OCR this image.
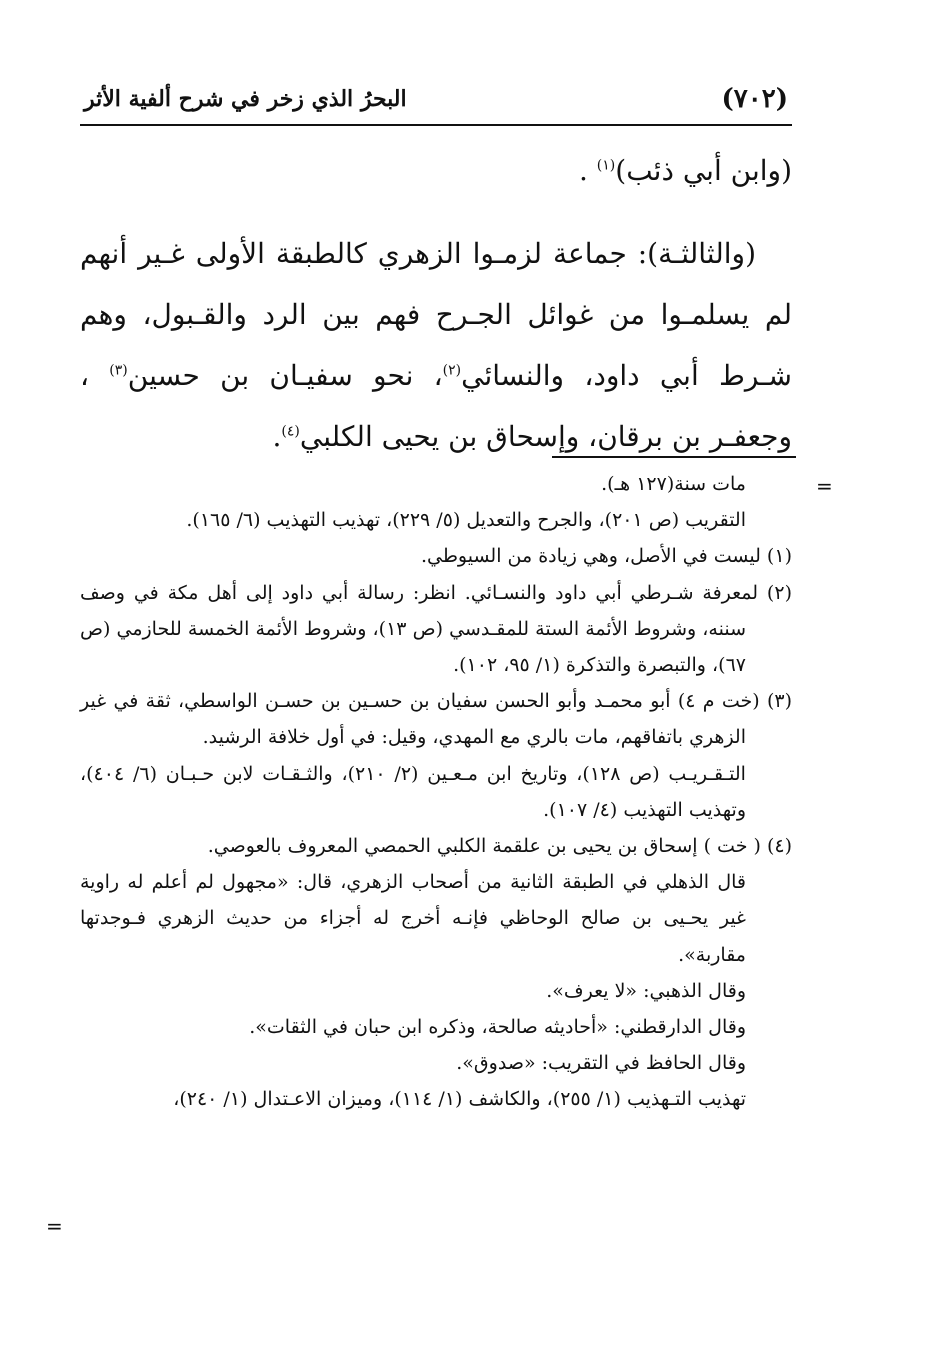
(٧٠٢)
البحرُ الذي زخر في شرح ألفية الأثر

(وابن أبي ذئب)$^{(١)}$ .

(والثالثـة): جماعة لزمـوا الزهري كالطبقة الأولى غـير أنهم لم يسلمـوا من غوائل الجـرح فهم بين الرد والقـبول، وهم شـرط أبي داود، والنسائي$^{(٢)}$، نحو سفيـان بن حسين$^{(٣)}$ ، وجعفـر بن برقان، وإسحاق بن يحيى الكلبي$^{(٤)}$.

=

مات سنة(١٢٧ هـ).

التقريب (ص ٢٠١)، والجرح والتعديل (٥/ ٢٢٩)، تهذيب التهذيب (٦/ ١٦٥).

(١) ليست في الأصل، وهي زيادة من السيوطي.

(٢) لمعرفة شـرطي أبي داود والنسـائي. انظر: رسالة أبي داود إلى أهل مكة في وصف سننه، وشروط الأئمة الستة للمقـدسي (ص ١٣)، وشروط الأئمة الخمسة للحازمي (ص ٦٧)، والتبصرة والتذكرة (١/ ٩٥، ١٠٢).

(٣) (خت م ٤) أبو محمـد وأبو الحسن سفيان بن حسـين بن حسـن الواسطي، ثقة في غير الزهري باتفاقهم، مات بالري مع المهدي، وقيل: في أول خلافة الرشيد.

التـقـريـب (ص ١٢٨)، وتاريخ ابن مـعـين (٢/ ٢١٠)، والثـقـات لابن حـبـان (٦/ ٤٠٤)، وتهذيب التهذيب (٤/ ١٠٧).

(٤) ( خت ) إسحاق بن يحيى بن علقمة الكلبي الحمصي المعروف بالعوصي.

قال الذهلي في الطبقة الثانية من أصحاب الزهري، قال: «مجهول لم أعلم له راوية غير يحـيى بن صالح الوحاظي فإنـه أخرج له أجزاء من حديث الزهري فـوجدتها مقاربة».

وقال الذهبي: «لا يعرف».

وقال الدارقطني: «أحاديثه صالحة، وذكره ابن حبان في الثقات».

وقال الحافظ في التقريب: «صدوق».

تهذيب التـهذيب (١/ ٢٥٥)، والكاشف (١/ ١١٤)، وميزان الاعـتدال (١/ ٢٤٠)،

=
